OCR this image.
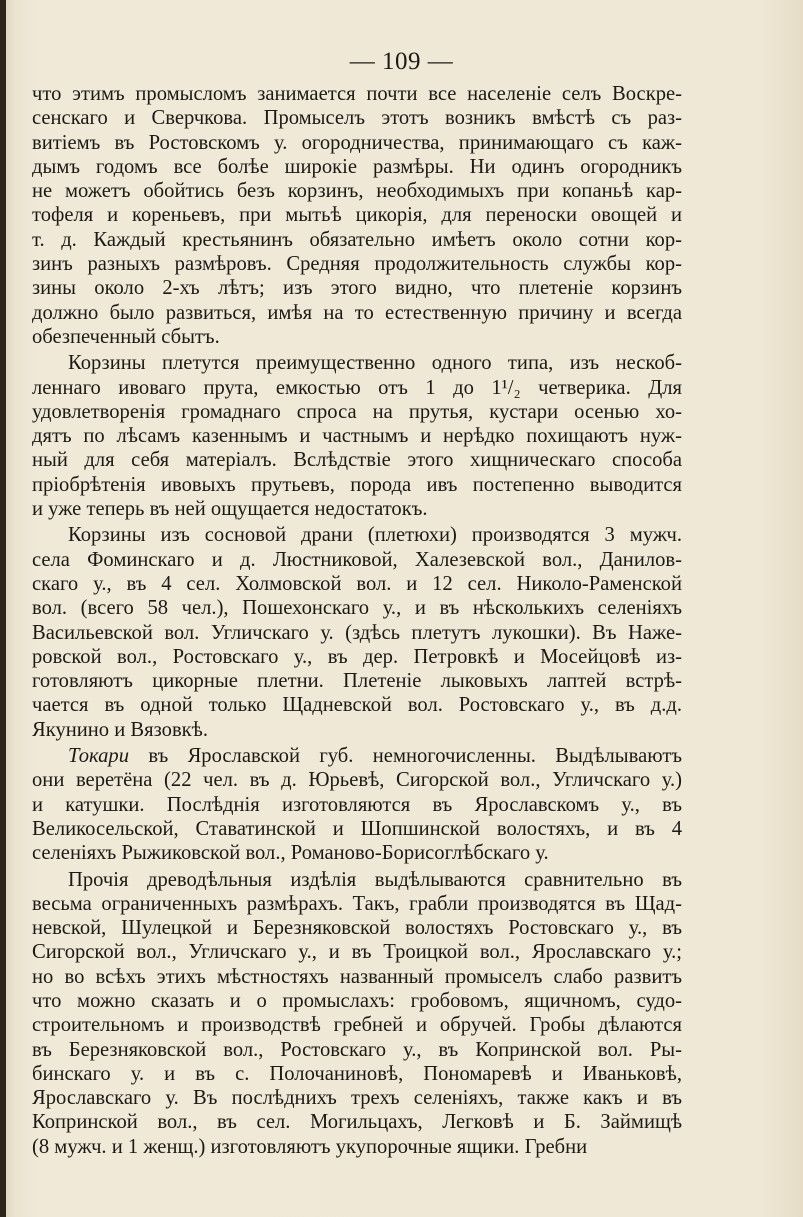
— 109 —
что этимъ промысломъ занимается почти все населеніе селъ Воскре-
сенскаго и Сверчкова. Промыселъ этотъ возникъ вмѣстѣ съ раз-
витіемъ въ Ростовскомъ у. огородничества, принимающаго съ каж-
дымъ годомъ все болѣе широкіе размѣры. Ни одинъ огородникъ
не можетъ обойтись безъ корзинъ, необходимыхъ при копаньѣ кар-
тофеля и кореньевъ, при мытьѣ цикорія, для переноски овощей и
т. д. Каждый крестьянинъ обязательно имѣетъ около сотни кор-
зинъ разныхъ размѣровъ. Средняя продолжительность службы кор-
зины около 2-хъ лѣтъ; изъ этого видно, что плетеніе корзинъ
должно было развиться, имѣя на то естественную причину и всегда
обезпеченный сбытъ.
Корзины плетутся преимущественно одного типа, изъ нескоб-
леннаго ивоваго прута, емкостью отъ 1 до 1¹/₂ четверика. Для
удовлетворенія громаднаго спроса на прутья, кустари осенью хо-
дятъ по лѣсамъ казеннымъ и частнымъ и нерѣдко похищаютъ нуж-
ный для себя матеріалъ. Вслѣдствіе этого хищническаго способа
пріобрѣтенія ивовыхъ прутьевъ, порода ивъ постепенно выводится
и уже теперь въ ней ощущается недостатокъ.
Корзины изъ сосновой драни (плетюхи) производятся 3 мужч.
села Фоминскаго и д. Люстниковой, Халезевской вол., Данилов-
скаго у., въ 4 сел. Холмовской вол. и 12 сел. Николо-Раменской
вол. (всего 58 чел.), Пошехонскаго у., и въ нѣсколькихъ селеніяхъ
Васильевской вол. Угличскаго у. (здѣсь плетутъ лукошки). Въ Наже-
ровской вол., Ростовскаго у., въ дер. Петровкѣ и Мосейцовѣ из-
готовляютъ цикорные плетни. Плетеніе лыковыхъ лаптей встрѣ-
чается въ одной только Щадневской вол. Ростовскаго у., въ д.д.
Якунино и Вязовкѣ.
Токари въ Ярославской губ. немногочисленны. Выдѣлываютъ
они веретёна (22 чел. въ д. Юрьевѣ, Сигорской вол., Угличскаго у.)
и катушки. Послѣднія изготовляются въ Ярославскомъ у., въ
Великосельской, Ставатинской и Шопшинской волостяхъ, и въ 4
селеніяхъ Рыжиковской вол., Романово-Борисоглѣбскаго у.
Прочія древодѣльныя издѣлія выдѣлываются сравнительно въ
весьма ограниченныхъ размѣрахъ. Такъ, грабли производятся въ Щад-
невской, Шулецкой и Березняковской волостяхъ Ростовскаго у., въ
Сигорской вол., Угличскаго у., и въ Троицкой вол., Ярославскаго у.;
но во всѣхъ этихъ мѣстностяхъ названный промыселъ слабо развитъ
что можно сказать и о промыслахъ: гробовомъ, ящичномъ, судо-
строительномъ и производствѣ гребней и обручей. Гробы дѣлаются
въ Березняковской вол., Ростовскаго у., въ Копринской вол. Ры-
бинскаго у. и въ с. Полочаниновѣ, Пономаревѣ и Иваньковѣ,
Ярославскаго у. Въ послѣднихъ трехъ селеніяхъ, также какъ и въ
Копринской вол., въ сел. Могильцахъ, Легковѣ и Б. Займищѣ
(8 мужч. и 1 женщ.) изготовляютъ укупорочные ящики. Гребни
